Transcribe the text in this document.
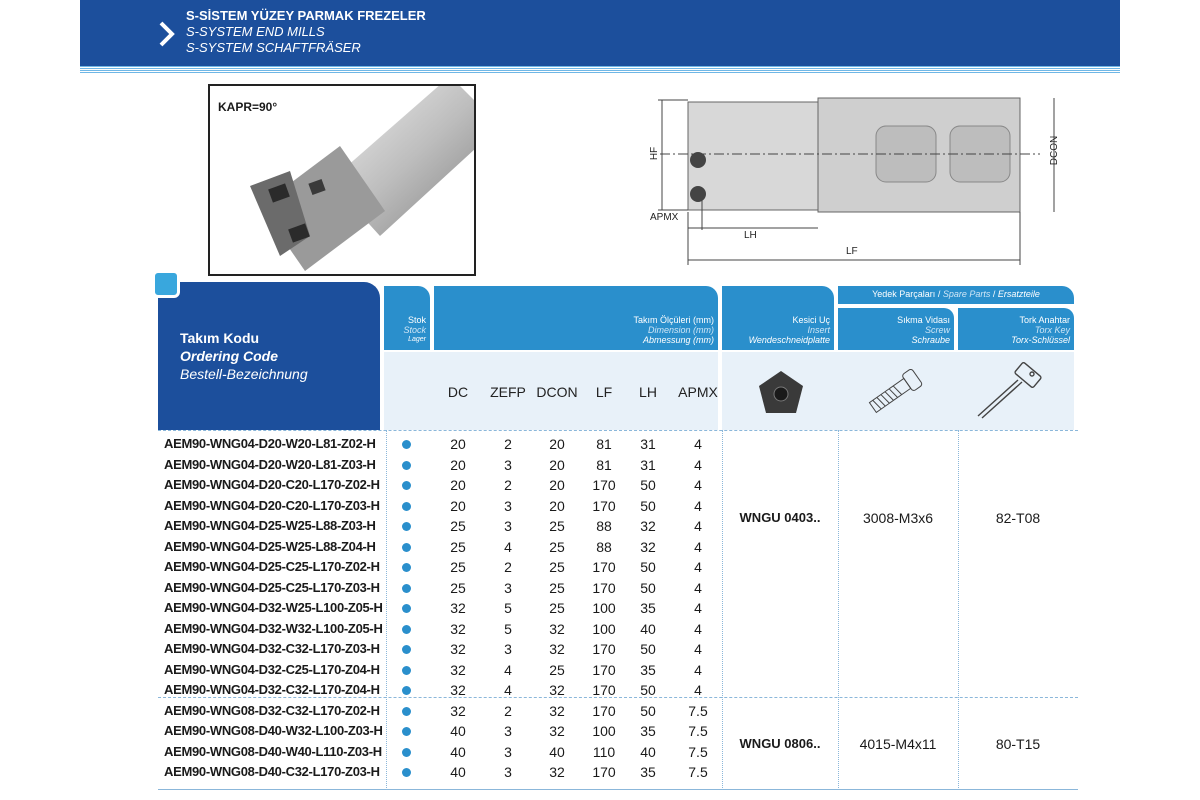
S-SİSTEM YÜZEY PARMAK FREZELER
S-SYSTEM END MILLS
S-SYSTEM SCHAFTFRÄSER
KAPR=90°
HF	DCON
APMX
LH
LF
Takım Kodu
Ordering Code
Bestell-Bezeichnung
Stok
Stock
Lager
Takım Ölçüleri (mm)
Dimension (mm)
Abmessung (mm)
Kesici Uç
Insert
Wendeschneidplatte
Yedek Parçaları / Spare Parts / Ersatzteile
Sıkma Vidası
Screw
Schraube
Tork Anahtar
Torx Key
Torx-Schlüssel
DC	ZEFP DCON	LF	LH	APMX
AEM90-WNG04-D20-W20-L81-Z02-H	20	2	20	81	31	4
AEM90-WNG04-D20-W20-L81-Z03-H	20	3	20	81	31	4
AEM90-WNG04-D20-C20-L170-Z02-H	20	2	20	170	50	4
AEM90-WNG04-D20-C20-L170-Z03-H	20	3	20	170	50	4
AEM90-WNG04-D25-W25-L88-Z03-H	25	3	25	88	32	4
AEM90-WNG04-D25-W25-L88-Z04-H	25	4	25	88	32	4
AEM90-WNG04-D25-C25-L170-Z02-H	25	2	25	170	50	4
AEM90-WNG04-D25-C25-L170-Z03-H	25	3	25	170	50	4
AEM90-WNG04-D32-W25-L100-Z05-H	32	5	25	100	35	4
AEM90-WNG04-D32-W32-L100-Z05-H	32	5	32	100	40	4
AEM90-WNG04-D32-C32-L170-Z03-H	32	3	32	170	50	4
AEM90-WNG04-D32-C25-L170-Z04-H	32	4	25	170	35	4
AEM90-WNG04-D32-C32-L170-Z04-H	32	4	32	170	50	4
AEM90-WNG08-D32-C32-L170-Z02-H	32	2	32	170	50	7.5
AEM90-WNG08-D40-W32-L100-Z03-H	40	3	32	100	35	7.5
AEM90-WNG08-D40-W40-L110-Z03-H	40	3	40	110	40	7.5
AEM90-WNG08-D40-C32-L170-Z03-H	40	3	32	170	35	7.5
WNGU 0403..	3008-M3x6	82-T08
WNGU 0806..	4015-M4x11	80-T15
